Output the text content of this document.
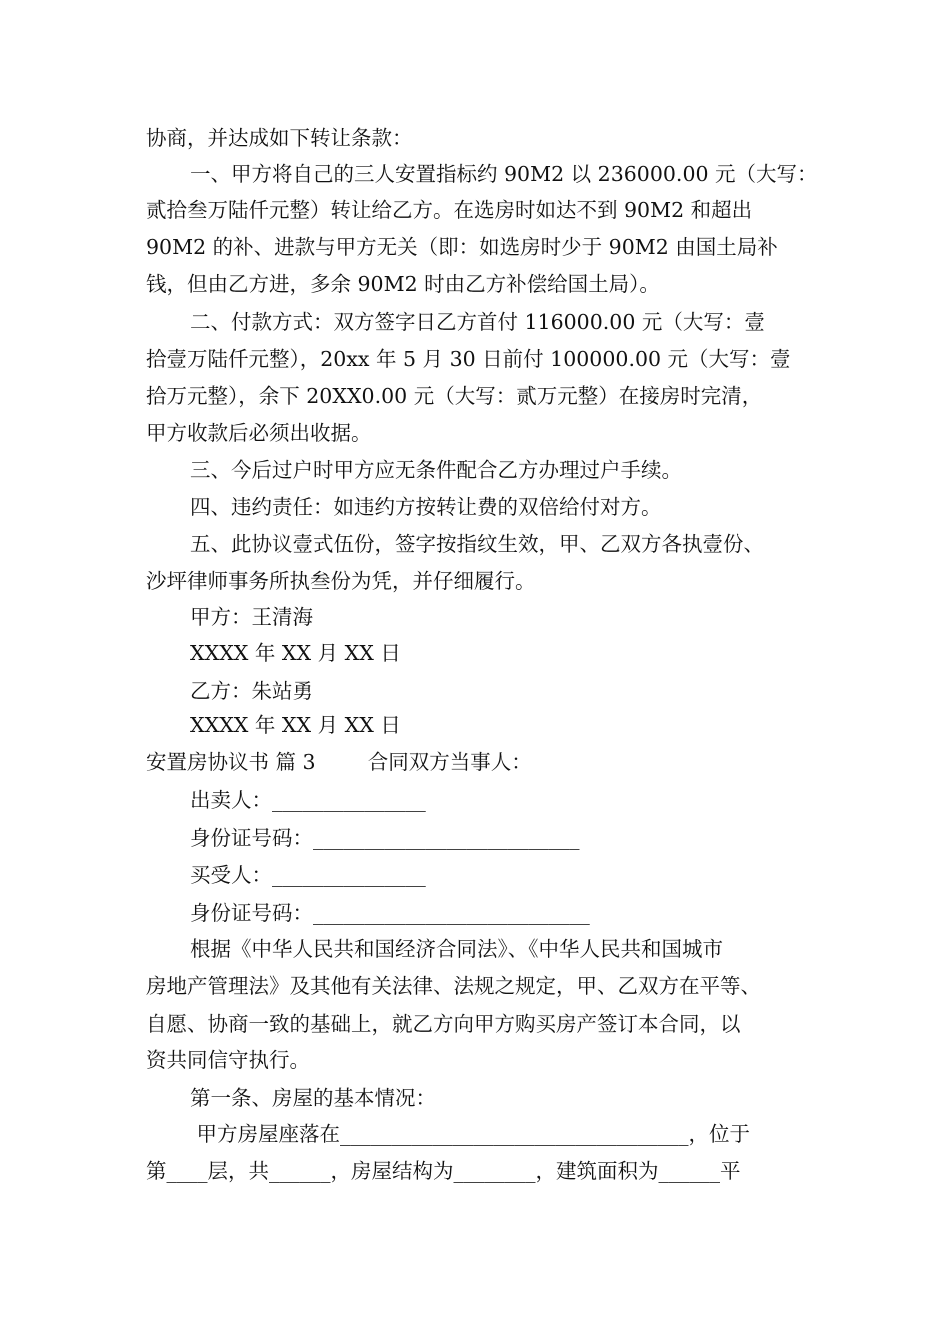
协商，并达成如下转让条款：
一、甲方将自己的三人安置指标约 90M2 以 236000.00 元（大写：
贰拾叁万陆仟元整）转让给乙方。在选房时如达不到 90M2 和超出
90M2 的补、进款与甲方无关（即：如选房时少于 90M2 由国土局补
钱，但由乙方进，多余 90M2 时由乙方补偿给国土局）。
二、付款方式：双方签字日乙方首付 116000.00 元（大写：壹
拾壹万陆仟元整），20xx 年 5 月 30 日前付 100000.00 元（大写：壹
拾万元整），余下 20XX0.00 元（大写：贰万元整）在接房时完清，
甲方收款后必须出收据。
三、今后过户时甲方应无条件配合乙方办理过户手续。
四、违约责任：如违约方按转让费的双倍给付对方。
五、此协议壹式伍份，签字按指纹生效，甲、乙双方各执壹份、
沙坪律师事务所执叁份为凭，并仔细履行。
甲方：王清海
XXXX 年 XX 月 XX 日
乙方：朱站勇
XXXX 年 XX 月 XX 日
安置房协议书 篇 3        合同双方当事人：
出卖人：_______________
身份证号码：__________________________
买受人：_______________
身份证号码：___________________________
根据《中华人民共和国经济合同法》、《中华人民共和国城市
房地产管理法》及其他有关法律、法规之规定，甲、乙双方在平等、
自愿、协商一致的基础上，就乙方向甲方购买房产签订本合同，以
资共同信守执行。
第一条、房屋的基本情况：
甲方房屋座落在__________________________________，位于
第____层，共______，房屋结构为________，建筑面积为______平
